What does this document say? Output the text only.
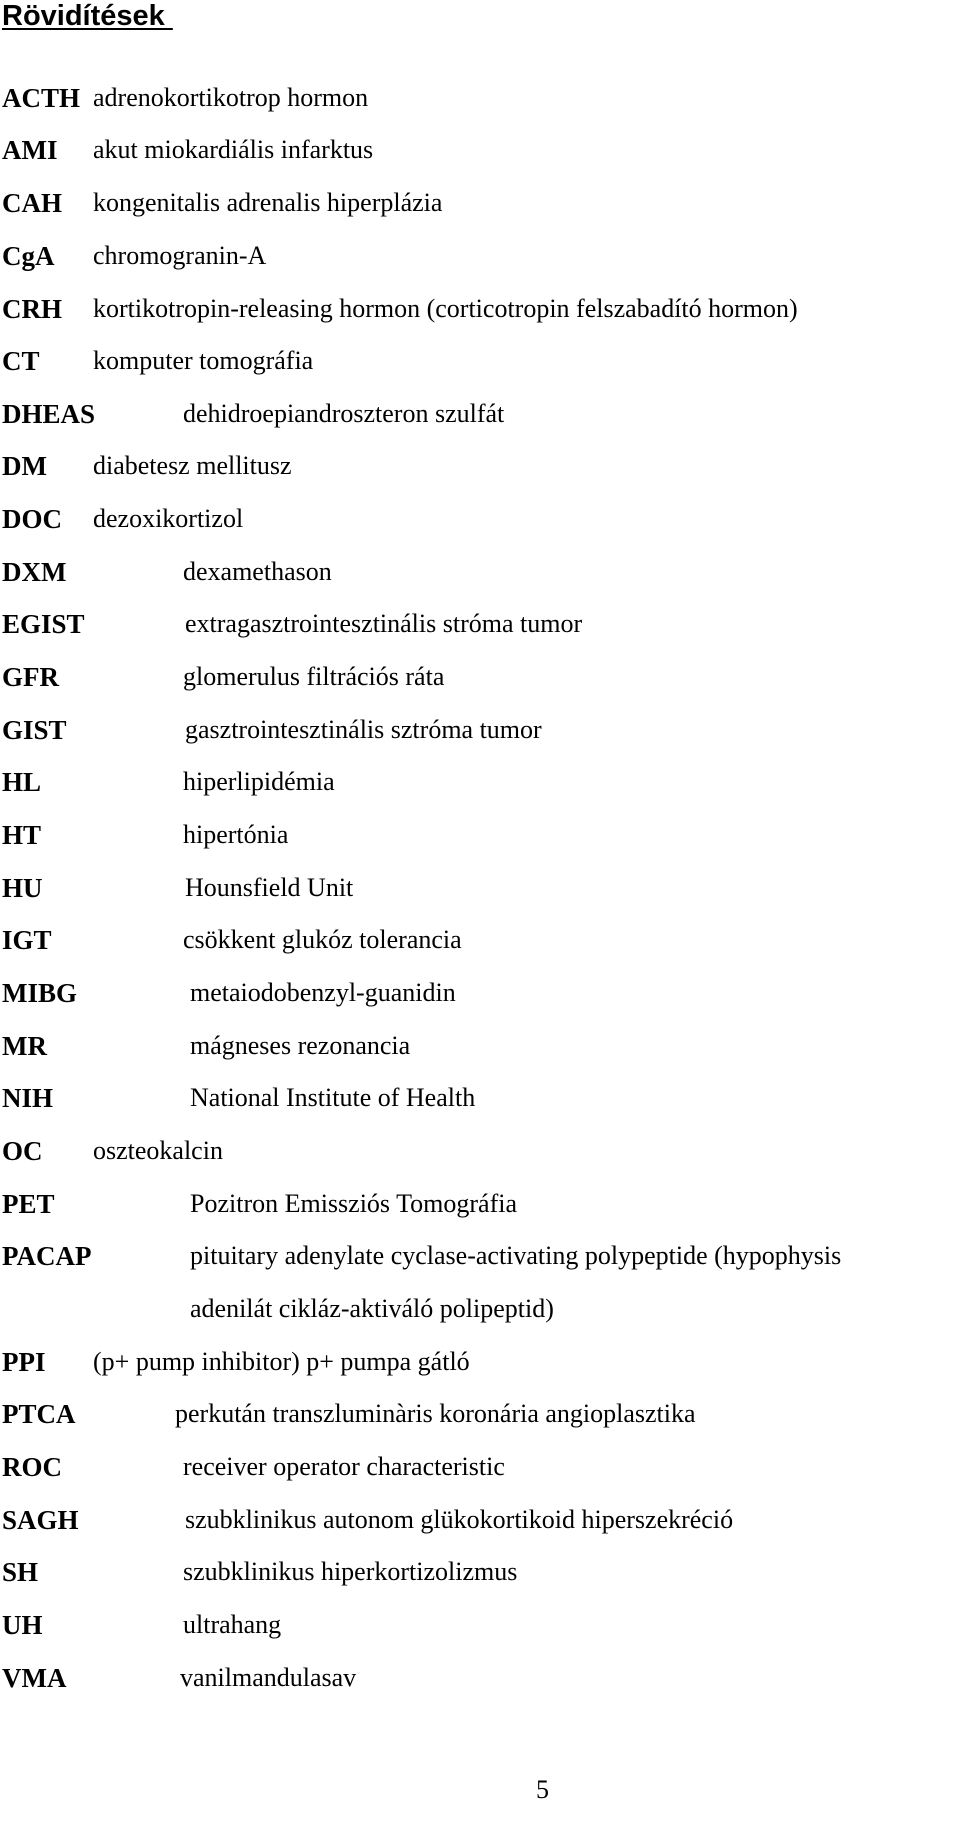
Rövidítések
ACTH adrenokortikotrop hormon
AMI akut miokardiális infarktus
CAH kongenitalis adrenalis hiperplázia
CgA chromogranin-A
CRH kortikotropin-releasing hormon (corticotropin felszabadító hormon)
CT komputer tomográfia
DHEAS	dehidroepiandroszteron szulfát
DM diabetesz mellitusz
DOC dezoxikortizol
DXM	dexamethason
EGIST	extragasztrointesztinális stróma tumor
GFR	glomerulus filtrációs ráta
GIST	gasztrointesztinális sztróma tumor
HL	hiperlipidémia
HT	hipertónia
HU	Hounsfield Unit
IGT	csökkent glukóz tolerancia
MIBG	metaiodobenzyl-guanidin
MR	mágneses rezonancia
NIH	National Institute of Health
OC oszteokalcin
PET	Pozitron Emissziós Tomográfia
PACAP	pituitary adenylate cyclase-activating polypeptide (hypophysis
adenilát cikláz-aktiváló polipeptid)
PPI (p+ pump inhibitor) p+ pumpa gátló
PTCA	perkután transzluminàris koronária angioplasztika
ROC	receiver operator characteristic
SAGH	szubklinikus autonom glükokortikoid hiperszekréció
SH	szubklinikus hiperkortizolizmus
UH	ultrahang
VMA	vanilmandulasav
5
